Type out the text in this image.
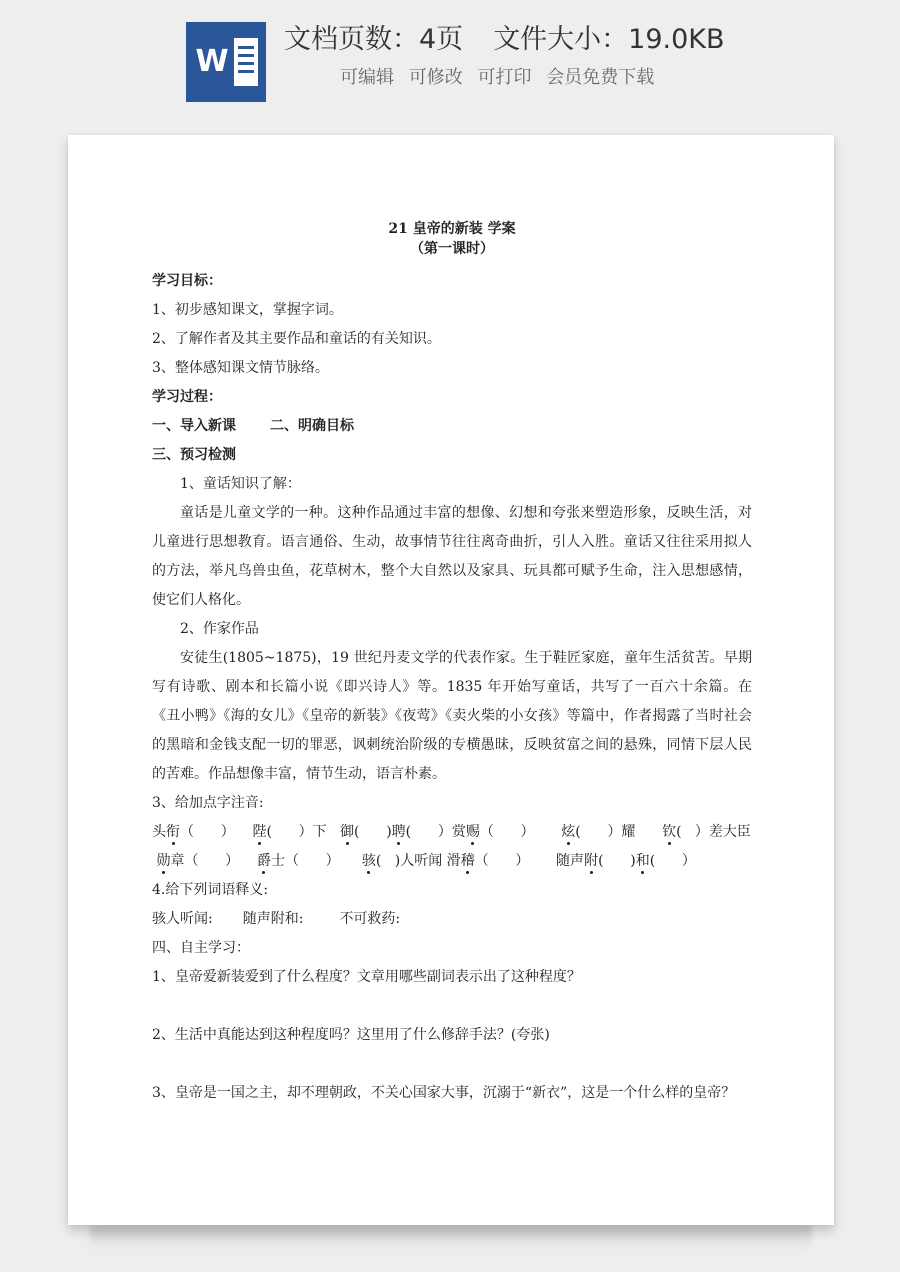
W
文档页数：4页 文件大小：19.0KB
可编辑 可修改 可打印 会员免费下载
21 皇帝的新装 学案
（第一课时）
学习目标：
1、初步感知课文，掌握字词。
2、了解作者及其主要作品和童话的有关知识。
3、整体感知课文情节脉络。
学习过程：
一、导入新课 二、明确目标
三、预习检测
1、童话知识了解：
童话是儿童文学的一种。这种作品通过丰富的想像、幻想和夸张来塑造形象，反映生活，对儿童进行思想教育。语言通俗、生动，故事情节往往离奇曲折，引人入胜。童话又往往采用拟人的方法，举凡鸟兽虫鱼，花草树木，整个大自然以及家具、玩具都可赋予生命，注入思想感情，使它们人格化。
2、作家作品
安徒生(1805~1875)，19 世纪丹麦文学的代表作家。生于鞋匠家庭，童年生活贫苦。早期写有诗歌、剧本和长篇小说《即兴诗人》等。1835 年开始写童话，共写了一百六十余篇。在《丑小鸭》《海的女儿》《皇帝的新装》《夜莺》《卖火柴的小女孩》等篇中，作者揭露了当时社会的黑暗和金钱支配一切的罪恶，讽刺统治阶级的专横愚昧，反映贫富之间的悬殊，同情下层人民的苦难。作品想像丰富，情节生动，语言朴素。
3、给加点字注音:
头衔（      ）    陛(      ）下   御(      )聘(      ）赏赐（      ）      炫(      ）耀      钦(   ）差大臣
勋章（      ）    爵士（      ）     骇(   )人听闻 滑稽（      ）      随声附(      )和(      ）
4.给下列词语释义:
骇人听闻: 随声附和:	不可救药:
四、自主学习：
1、皇帝爱新装爱到了什么程度？文章用哪些副词表示出了这种程度？
2、生活中真能达到这种程度吗？这里用了什么修辞手法？(夸张)
3、皇帝是一国之主，却不理朝政，不关心国家大事，沉溺于“新衣”，这是一个什么样的皇帝？
